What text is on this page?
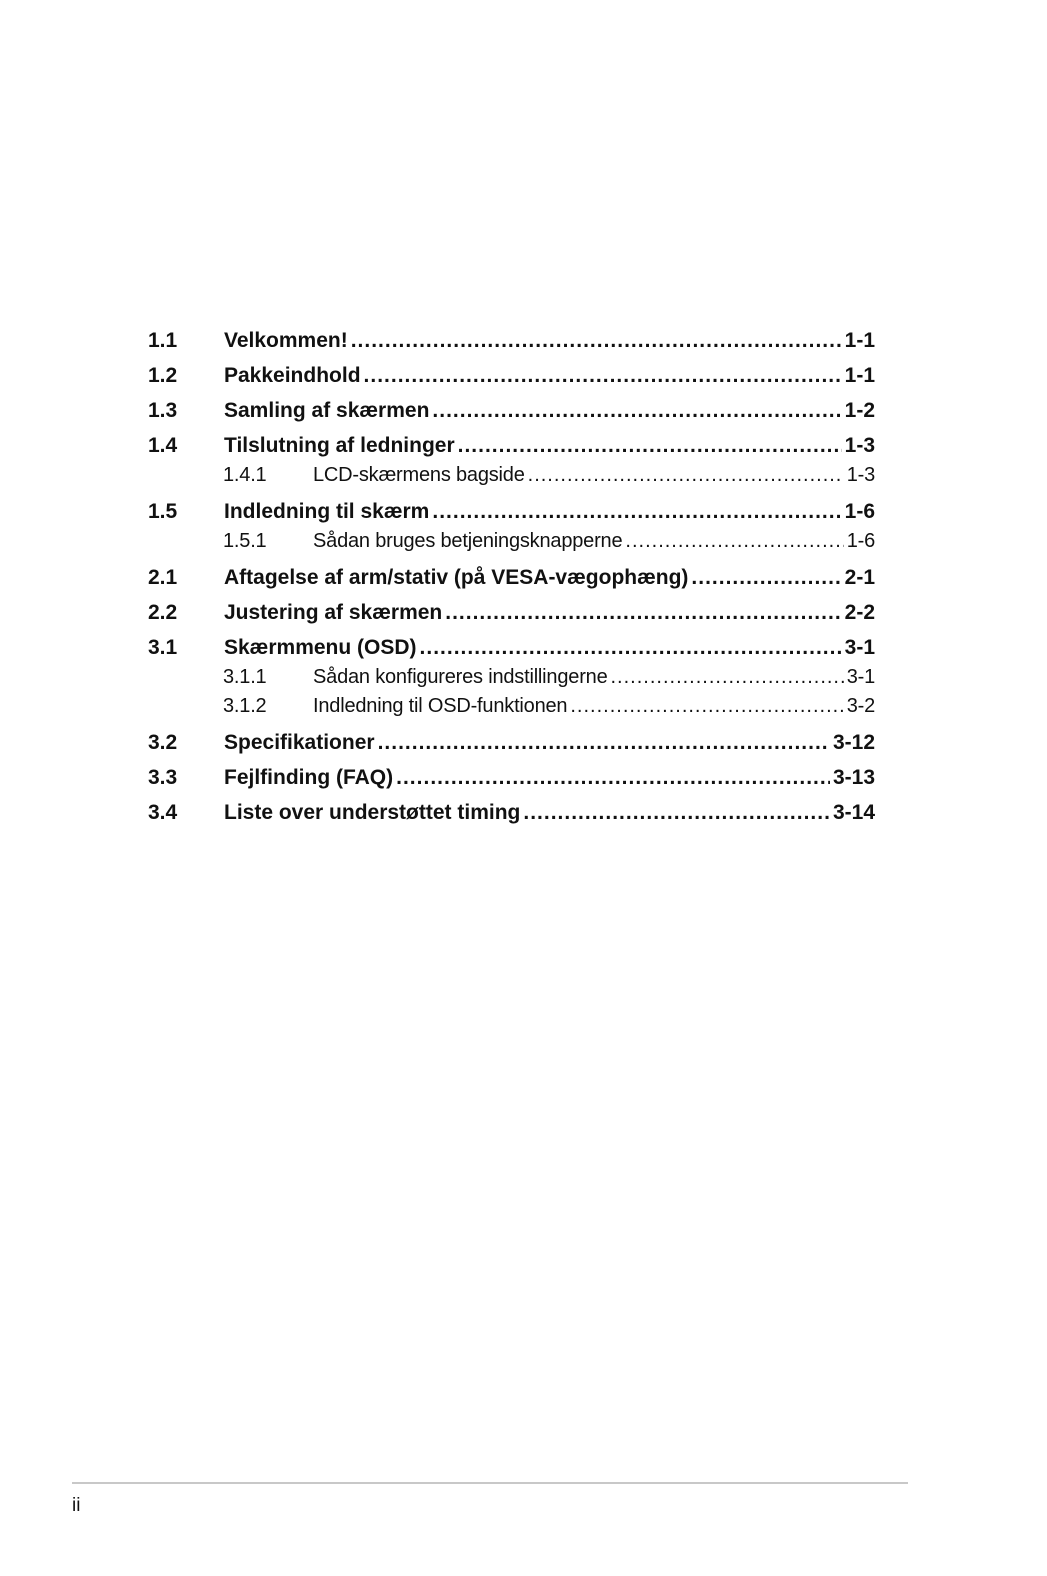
1.1	Velkommen! .....	1-1
1.2	Pakkeindhold .....	1-1
1.3	Samling af skærmen .....	1-2
1.4	Tilslutning af ledninger .....	1-3
1.4.1	LCD-skærmens bagside .....	1-3
1.5	Indledning til skærm .....	1-6
1.5.1	Sådan bruges betjeningsknapperne .....	1-6
2.1	Aftagelse af arm/stativ (på VESA-vægophæng) .....	2-1
2.2	Justering af skærmen .....	2-2
3.1	Skærmmenu (OSD) .....	3-1
3.1.1	Sådan konfigureres indstillingerne .....	3-1
3.1.2	Indledning til OSD-funktionen .....	3-2
3.2	Specifikationer .....	3-12
3.3	Fejlfinding (FAQ) .....	3-13
3.4	Liste over understøttet timing .....	3-14
ii
